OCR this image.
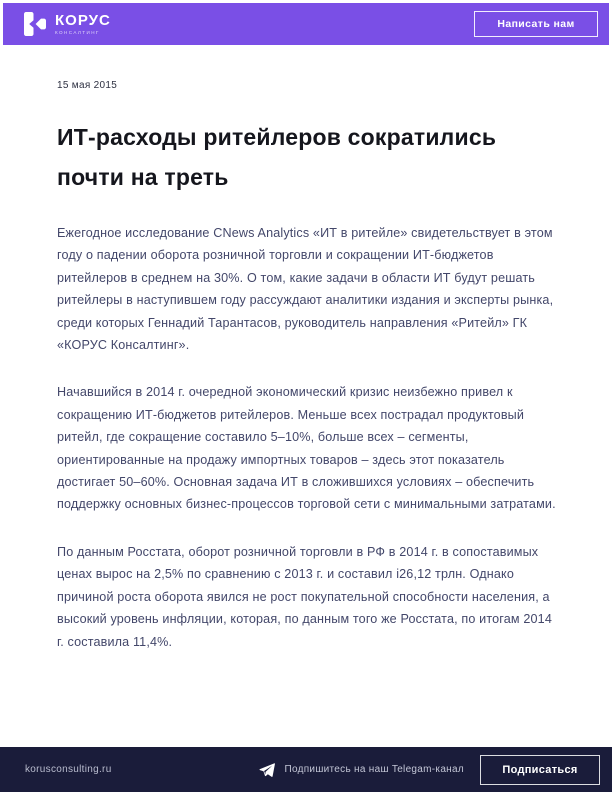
КОРУС
КОНСАЛТИНГ
Написать нам
15 мая 2015
ИТ-расходы ритейлеров сократились почти на треть

Ежегодное исследование CNews Analytics «ИТ в ритейле» свидетельствует в этом году о падении оборота розничной торговли и сокращении ИТ-бюджетов ритейлеров в среднем на 30%. О том, какие задачи в области ИТ будут решать ритейлеры в наступившем году рассуждают аналитики издания и эксперты рынка, среди которых Геннадий Тарантасов, руководитель направления «Ритейл» ГК «КОРУС Консалтинг».

Начавшийся в 2014 г. очередной экономический кризис неизбежно привел к сокращению ИТ-бюджетов ритейлеров. Меньше всех пострадал продуктовый ритейл, где сокращение составило 5–10%, больше всех – сегменты, ориентированные на продажу импортных товаров – здесь этот показатель достигает 50–60%. Основная задача ИТ в сложившихся условиях – обеспечить поддержку основных бизнес-процессов торговой сети с минимальными затратами.

По данным Росстата, оборот розничной торговли в РФ в 2014 г. в сопоставимых ценах вырос на 2,5% по сравнению с 2013 г. и составил i26,12 трлн. Однако причиной роста оборота явился не рост покупательной способности населения, а высокий уровень инфляции, которая, по данным того же Росстата, по итогам 2014 г. составила 11,4%.

korusconsulting.ru	Подпишитесь на наш Telegam-канал	Подписаться
